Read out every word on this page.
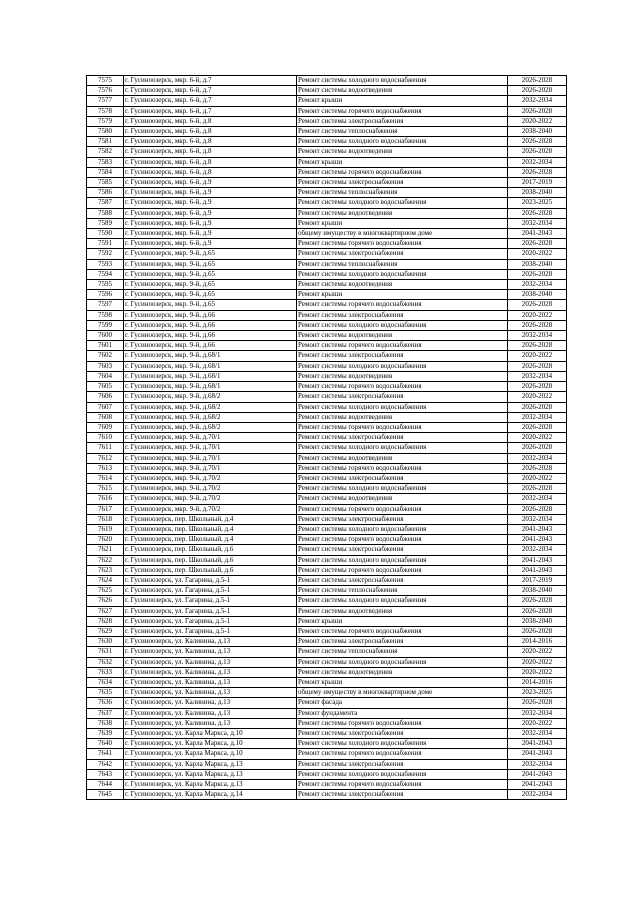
7575	г. Гусиноозерск, мкр. 6-й, д.7	Ремонт системы холодного водоснабжения	2026-2028
7576	г. Гусиноозерск, мкр. 6-й, д.7	Ремонт системы водоотведения	2026-2028
7577	г. Гусиноозерск, мкр. 6-й, д.7	Ремонт крыши	2032-2034
7578	г. Гусиноозерск, мкр. 6-й, д.7	Ремонт системы горячего водоснабжения	2026-2028
7579	г. Гусиноозерск, мкр. 6-й, д.8	Ремонт системы электроснабжения	2020-2022
7580	г. Гусиноозерск, мкр. 6-й, д.8	Ремонт системы теплоснабжения	2038-2040
7581	г. Гусиноозерск, мкр. 6-й, д.8	Ремонт системы холодного водоснабжения	2026-2028
7582	г. Гусиноозерск, мкр. 6-й, д.8	Ремонт системы водоотведения	2026-2028
7583	г. Гусиноозерск, мкр. 6-й, д.8	Ремонт крыши	2032-2034
7584	г. Гусиноозерск, мкр. 6-й, д.8	Ремонт системы горячего водоснабжения	2026-2028
7585	г. Гусиноозерск, мкр. 6-й, д.9	Ремонт системы электроснабжения	2017-2019
7586	г. Гусиноозерск, мкр. 6-й, д.9	Ремонт системы теплоснабжения	2038-2040
7587	г. Гусиноозерск, мкр. 6-й, д.9	Ремонт системы холодного водоснабжения	2023-2025
7588	г. Гусиноозерск, мкр. 6-й, д.9	Ремонт системы водоотведения	2026-2028
7589	г. Гусиноозерск, мкр. 6-й, д.9	Ремонт крыши	2032-2034
7590	г. Гусиноозерск, мкр. 6-й, д.9	общему имуществу в многоквартирном доме	2041-2043
7591	г. Гусиноозерск, мкр. 6-й, д.9	Ремонт системы горячего водоснабжения	2026-2028
7592	г. Гусиноозерск, мкр. 9-й, д.65	Ремонт системы электроснабжения	2020-2022
7593	г. Гусиноозерск, мкр. 9-й, д.65	Ремонт системы теплоснабжения	2038-2040
7594	г. Гусиноозерск, мкр. 9-й, д.65	Ремонт системы холодного водоснабжения	2026-2028
7595	г. Гусиноозерск, мкр. 9-й, д.65	Ремонт системы водоотведения	2032-2034
7596	г. Гусиноозерск, мкр. 9-й, д.65	Ремонт крыши	2038-2040
7597	г. Гусиноозерск, мкр. 9-й, д.65	Ремонт системы горячего водоснабжения	2026-2028
7598	г. Гусиноозерск, мкр. 9-й, д.66	Ремонт системы электроснабжения	2020-2022
7599	г. Гусиноозерск, мкр. 9-й, д.66	Ремонт системы холодного водоснабжения	2026-2028
7600	г. Гусиноозерск, мкр. 9-й, д.66	Ремонт системы водоотведения	2032-2034
7601	г. Гусиноозерск, мкр. 9-й, д.66	Ремонт системы горячего водоснабжения	2026-2028
7602	г. Гусиноозерск, мкр. 9-й, д.68/1	Ремонт системы электроснабжения	2020-2022
7603	г. Гусиноозерск, мкр. 9-й, д.68/1	Ремонт системы холодного водоснабжения	2026-2028
7604	г. Гусиноозерск, мкр. 9-й, д.68/1	Ремонт системы водоотведения	2032-2034
7605	г. Гусиноозерск, мкр. 9-й, д.68/1	Ремонт системы горячего водоснабжения	2026-2028
7606	г. Гусиноозерск, мкр. 9-й, д.68/2	Ремонт системы электроснабжения	2020-2022
7607	г. Гусиноозерск, мкр. 9-й, д.68/2	Ремонт системы холодного водоснабжения	2026-2028
7608	г. Гусиноозерск, мкр. 9-й, д.68/2	Ремонт системы водоотведения	2032-2034
7609	г. Гусиноозерск, мкр. 9-й, д.68/2	Ремонт системы горячего водоснабжения	2026-2028
7610	г. Гусиноозерск, мкр. 9-й, д.70/1	Ремонт системы электроснабжения	2020-2022
7611	г. Гусиноозерск, мкр. 9-й, д.70/1	Ремонт системы холодного водоснабжения	2026-2028
7612	г. Гусиноозерск, мкр. 9-й, д.70/1	Ремонт системы водоотведения	2032-2034
7613	г. Гусиноозерск, мкр. 9-й, д.70/1	Ремонт системы горячего водоснабжения	2026-2028
7614	г. Гусиноозерск, мкр. 9-й, д.70/2	Ремонт системы электроснабжения	2020-2022
7615	г. Гусиноозерск, мкр. 9-й, д.70/2	Ремонт системы холодного водоснабжения	2026-2028
7616	г. Гусиноозерск, мкр. 9-й, д.70/2	Ремонт системы водоотведения	2032-2034
7617	г. Гусиноозерск, мкр. 9-й, д.70/2	Ремонт системы горячего водоснабжения	2026-2028
7618	г. Гусиноозерск, пер. Школьный, д.4	Ремонт системы электроснабжения	2032-2034
7619	г. Гусиноозерск, пер. Школьный, д.4	Ремонт системы холодного водоснабжения	2041-2043
7620	г. Гусиноозерск, пер. Школьный, д.4	Ремонт системы горячего водоснабжения	2041-2043
7621	г. Гусиноозерск, пер. Школьный, д.6	Ремонт системы электроснабжения	2032-2034
7622	г. Гусиноозерск, пер. Школьный, д.6	Ремонт системы холодного водоснабжения	2041-2043
7623	г. Гусиноозерск, пер. Школьный, д.6	Ремонт системы горячего водоснабжения	2041-2043
7624	г. Гусиноозерск, ул. Гагарина, д.5-1	Ремонт системы электроснабжения	2017-2019
7625	г. Гусиноозерск, ул. Гагарина, д.5-1	Ремонт системы теплоснабжения	2038-2040
7626	г. Гусиноозерск, ул. Гагарина, д.5-1	Ремонт системы холодного водоснабжения	2026-2028
7627	г. Гусиноозерск, ул. Гагарина, д.5-1	Ремонт системы водоотведения	2026-2028
7628	г. Гусиноозерск, ул. Гагарина, д.5-1	Ремонт крыши	2038-2040
7629	г. Гусиноозерск, ул. Гагарина, д.5-1	Ремонт системы горячего водоснабжения	2026-2028
7630	г. Гусиноозерск, ул. Калинина, д.13	Ремонт системы электроснабжения	2014-2016
7631	г. Гусиноозерск, ул. Калинина, д.13	Ремонт системы теплоснабжения	2020-2022
7632	г. Гусиноозерск, ул. Калинина, д.13	Ремонт системы холодного водоснабжения	2020-2022
7633	г. Гусиноозерск, ул. Калинина, д.13	Ремонт системы водоотведения	2020-2022
7634	г. Гусиноозерск, ул. Калинина, д.13	Ремонт крыши	2014-2016
7635	г. Гусиноозерск, ул. Калинина, д.13	общему имуществу в многоквартирном доме	2023-2025
7636	г. Гусиноозерск, ул. Калинина, д.13	Ремонт фасада	2026-2028
7637	г. Гусиноозерск, ул. Калинина, д.13	Ремонт фундамента	2032-2034
7638	г. Гусиноозерск, ул. Калинина, д.13	Ремонт системы горячего водоснабжения	2020-2022
7639	г. Гусиноозерск, ул. Карла Маркса, д.10	Ремонт системы электроснабжения	2032-2034
7640	г. Гусиноозерск, ул. Карла Маркса, д.10	Ремонт системы холодного водоснабжения	2041-2043
7641	г. Гусиноозерск, ул. Карла Маркса, д.10	Ремонт системы горячего водоснабжения	2041-2043
7642	г. Гусиноозерск, ул. Карла Маркса, д.13	Ремонт системы электроснабжения	2032-2034
7643	г. Гусиноозерск, ул. Карла Маркса, д.13	Ремонт системы холодного водоснабжения	2041-2043
7644	г. Гусиноозерск, ул. Карла Маркса, д.13	Ремонт системы горячего водоснабжения	2041-2043
7645	г. Гусиноозерск, ул. Карла Маркса, д.14	Ремонт системы электроснабжения	2032-2034
